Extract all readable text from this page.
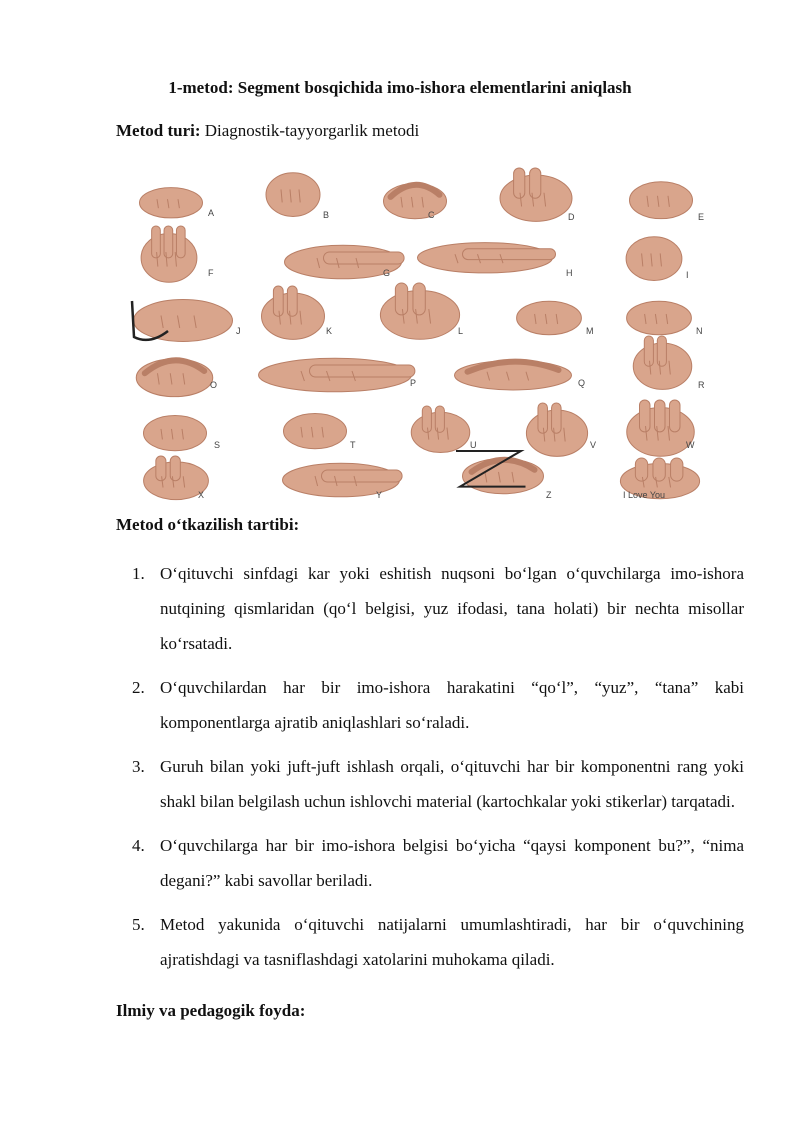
1-metod: Segment bosqichida imo-ishora elementlarini aniqlash
Metod turi: Diagnostik-tayyorgarlik metodi
A	B	C	D	E
F	G	H	I
J	K	L	M	N
O	P	Q	R
S	T	U	V	W
X	Y	Z	I Love You
Metod o‘tkazilish tartibi:
1. O‘qituvchi sinfdagi kar yoki eshitish nuqsoni bo‘lgan o‘quvchilarga imo-ishora nutqining qismlaridan (qo‘l belgisi, yuz ifodasi, tana holati) bir nechta misollar ko‘rsatadi.
2. O‘quvchilardan har bir imo-ishora harakatini “qo‘l”, “yuz”, “tana” kabi komponentlarga ajratib aniqlashlari so‘raladi.
3. Guruh bilan yoki juft-juft ishlash orqali, o‘qituvchi har bir komponentni rang yoki shakl bilan belgilash uchun ishlovchi material (kartochkalar yoki stikerlar) tarqatadi.
4. O‘quvchilarga har bir imo-ishora belgisi bo‘yicha “qaysi komponent bu?”, “nima degani?” kabi savollar beriladi.
5. Metod yakunida o‘qituvchi natijalarni umumlashtiradi, har bir o‘quvchining ajratishdagi va tasniflashdagi xatolarini muhokama qiladi.
Ilmiy va pedagogik foyda:
